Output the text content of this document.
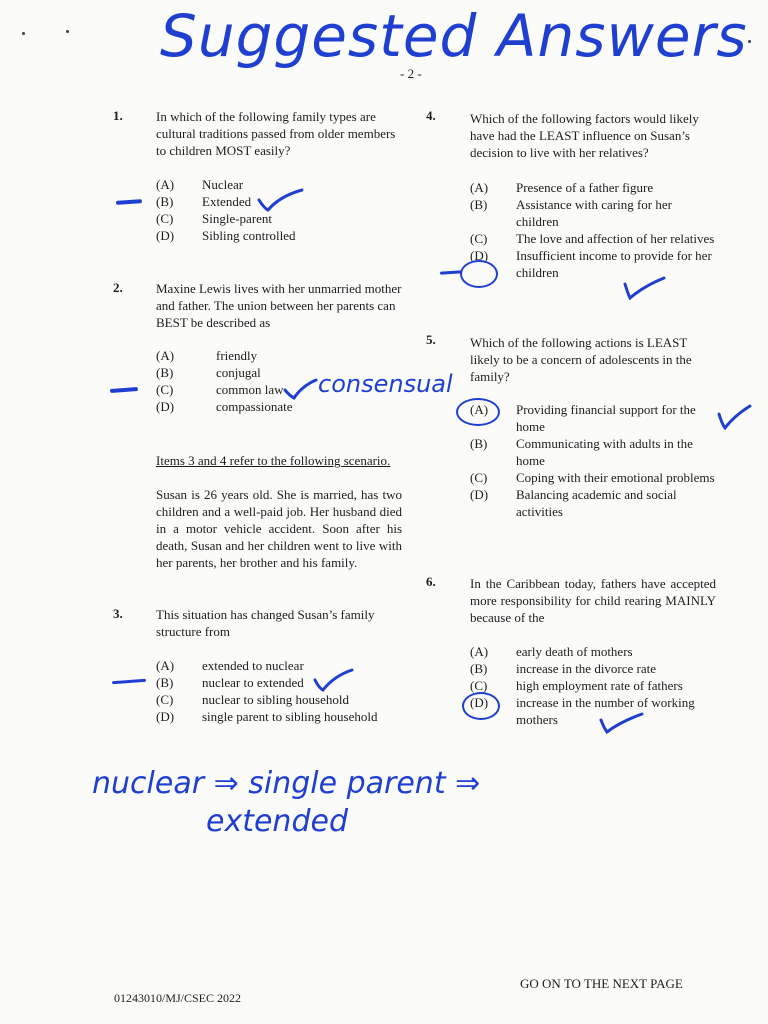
Suggested Answers
- 2 -
1.	In which of the following family types are cultural traditions passed from older members to children MOST easily?
(A)	Nuclear
(B)	Extended
(C)	Single-parent
(D)	Sibling controlled
2.	Maxine Lewis lives with her unmarried mother and father. The union between her parents can BEST be described as
(A)	friendly
(B)	conjugal
(C)	common law
(D)	compassionate
consensual
Items 3 and 4 refer to the following scenario.
Susan is 26 years old. She is married, has two children and a well-paid job. Her husband died in a motor vehicle accident. Soon after his death, Susan and her children went to live with her parents, her brother and his family.
3.	This situation has changed Susan’s family structure from
(A)	extended to nuclear
(B)	nuclear to extended
(C)	nuclear to sibling household
(D)	single parent to sibling household
nuclear ⇒ single parent ⇒
extended
4.	Which of the following factors would likely have had the LEAST influence on Susan’s decision to live with her relatives?
(A)	Presence of a father figure
(B)	Assistance with caring for her children
(C)	The love and affection of her relatives
(D)	Insufficient income to provide for her children
5.	Which of the following actions is LEAST likely to be a concern of adolescents in the family?
(A)	Providing financial support for the home
(B)	Communicating with adults in the home
(C)	Coping with their emotional problems
(D)	Balancing academic and social activities
6.	In the Caribbean today, fathers have accepted more responsibility for child rearing MAINLY because of the
(A)	early death of mothers
(B)	increase in the divorce rate
(C)	high employment rate of fathers
(D)	increase in the number of working mothers
GO ON TO THE NEXT PAGE
01243010/MJ/CSEC 2022
